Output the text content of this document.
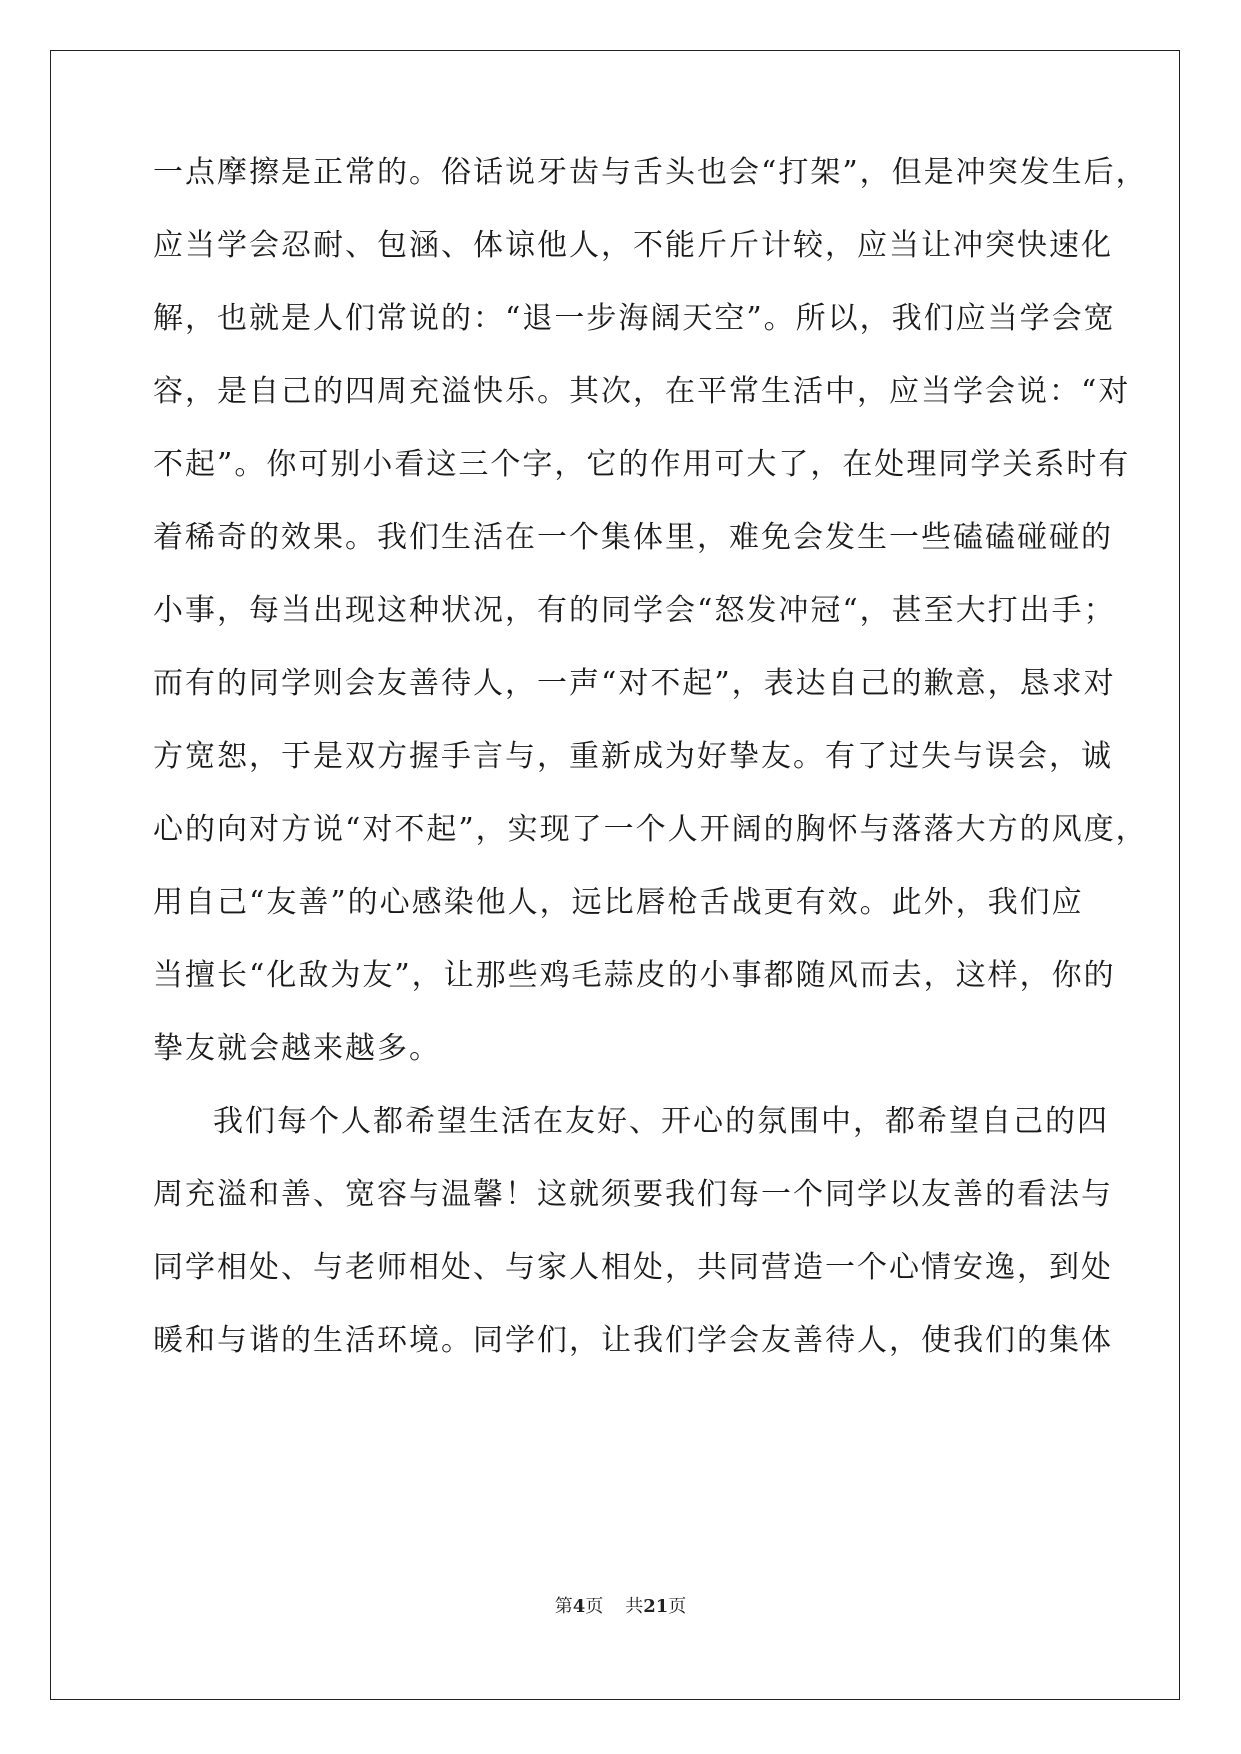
一点摩擦是正常的。俗话说牙齿与舌头也会“打架”，但是冲突发生后，
应当学会忍耐、包涵、体谅他人，不能斤斤计较，应当让冲突快速化
解，也就是人们常说的：“退一步海阔天空”。所以，我们应当学会宽
容，是自己的四周充溢快乐。其次，在平常生活中，应当学会说：“对
不起”。你可别小看这三个字，它的作用可大了，在处理同学关系时有
着稀奇的效果。我们生活在一个集体里，难免会发生一些磕磕碰碰的
小事，每当出现这种状况，有的同学会“怒发冲冠“，甚至大打出手；
而有的同学则会友善待人，一声“对不起”，表达自己的歉意，恳求对
方宽恕，于是双方握手言与，重新成为好挚友。有了过失与误会，诚
心的向对方说“对不起”，实现了一个人开阔的胸怀与落落大方的风度，
用自己“友善”的心感染他人，远比唇枪舌战更有效。此外，我们应
当擅长“化敌为友”，让那些鸡毛蒜皮的小事都随风而去，这样，你的
挚友就会越来越多。
我们每个人都希望生活在友好、开心的氛围中，都希望自己的四
周充溢和善、宽容与温馨！这就须要我们每一个同学以友善的看法与
同学相处、与老师相处、与家人相处，共同营造一个心情安逸，到处
暖和与谐的生活环境。同学们，让我们学会友善待人，使我们的集体
第4页 共21页
